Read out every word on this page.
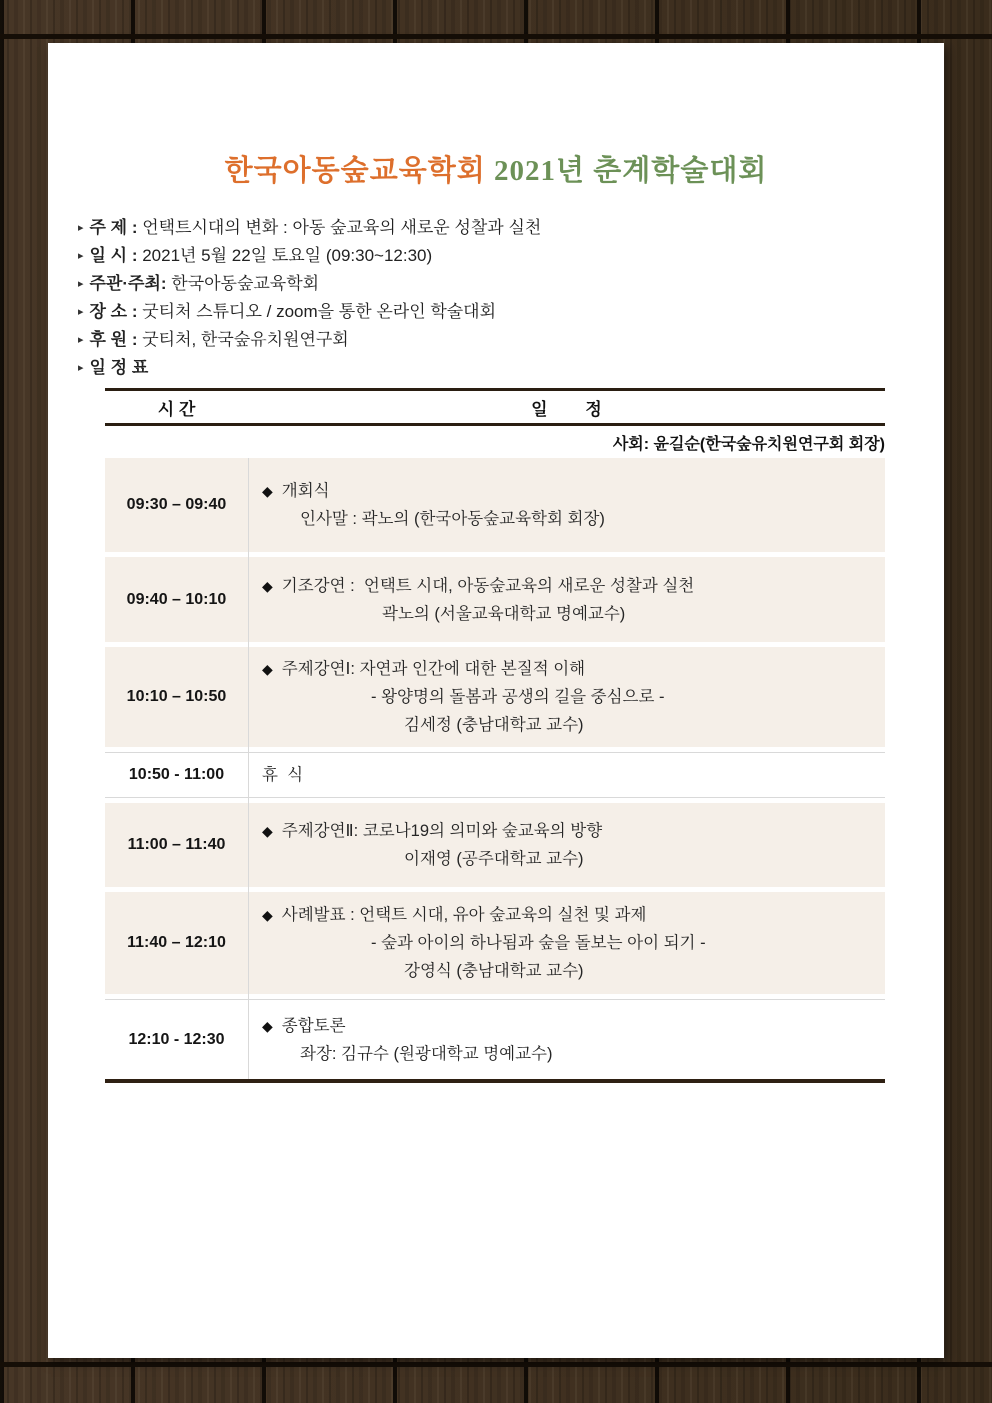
한국아동숲교육학회 2021년 춘계학술대회
▸ 주 제 : 언택트시대의 변화 : 아동 숲교육의 새로운 성찰과 실천
▸ 일 시 : 2021년 5월 22일 토요일 (09:30~12:30)
▸ 주관·주최: 한국아동숲교육학회
▸ 장 소 : 굿티처 스튜디오 / zoom을 통한 온라인 학술대회
▸ 후 원 : 굿티처, 한국숲유치원연구회
▸ 일 정 표
시 간	일        정
사회: 윤길순(한국숲유치원연구회 회장)
09:30 – 09:40
◆ 개회식
인사말 : 곽노의 (한국아동숲교육학회 회장)
09:40 – 10:10
◆ 기조강연 :  언택트 시대, 아동숲교육의 새로운 성찰과 실천
곽노의 (서울교육대학교 명예교수)
10:10 – 10:50
◆ 주제강연Ⅰ: 자연과 인간에 대한 본질적 이해
- 왕양명의 돌봄과 공생의 길을 중심으로 -
김세정 (충남대학교 교수)
10:50 - 11:00	휴  식
11:00 – 11:40
◆ 주제강연Ⅱ: 코로나19의 의미와 숲교육의 방향
이재영 (공주대학교 교수)
11:40 – 12:10
◆ 사례발표 : 언택트 시대, 유아 숲교육의 실천 및 과제
- 숲과 아이의 하나됨과 숲을 돌보는 아이 되기 -
강영식 (충남대학교 교수)
12:10 - 12:30
◆ 종합토론
좌장: 김규수 (원광대학교 명예교수)
